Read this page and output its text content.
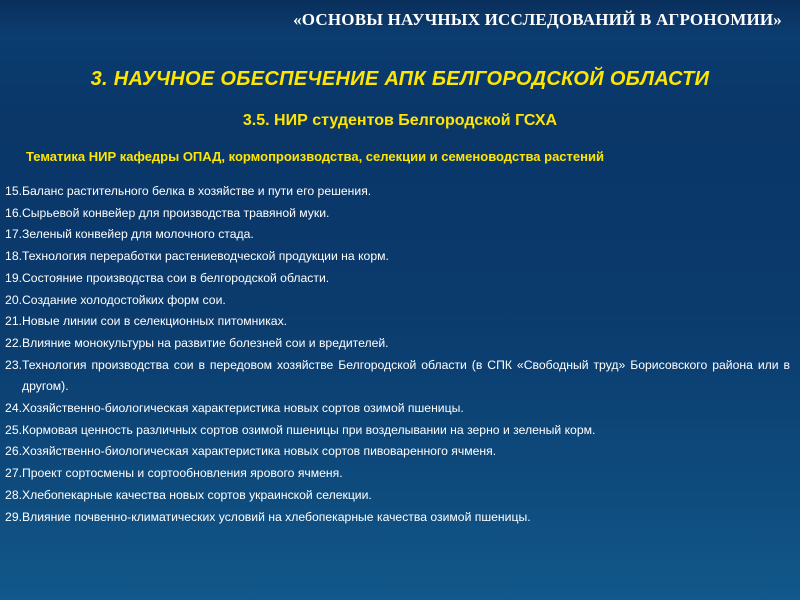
«ОСНОВЫ НАУЧНЫХ ИССЛЕДОВАНИЙ В АГРОНОМИИ»
3. НАУЧНОЕ ОБЕСПЕЧЕНИЕ АПК БЕЛГОРОДСКОЙ ОБЛАСТИ
3.5. НИР студентов Белгородской ГСХА
Тематика НИР кафедры ОПАД, кормопроизводства, селекции и семеноводства растений
15. Баланс растительного белка в хозяйстве и пути его решения.
16. Сырьевой конвейер для производства травяной муки.
17. Зеленый конвейер для молочного стада.
18. Технология переработки растениеводческой продукции на корм.
19. Состояние производства сои в белгородской области.
20. Создание холодостойких форм сои.
21. Новые линии сои в селекционных питомниках.
22. Влияние монокультуры на развитие болезней сои и вредителей.
23. Технология производства сои в передовом хозяйстве Белгородской области (в СПК «Свободный труд» Борисовского района или в другом).
24. Хозяйственно-биологическая характеристика новых сортов озимой пшеницы.
25. Кормовая ценность различных сортов озимой пшеницы при возделывании на зерно и зеленый корм.
26. Хозяйственно-биологическая характеристика новых сортов пивоваренного ячменя.
27. Проект сортосмены и сортообновления ярового ячменя.
28. Хлебопекарные качества новых сортов украинской селекции.
29. Влияние почвенно-климатических условий на хлебопекарные качества озимой пшеницы.
